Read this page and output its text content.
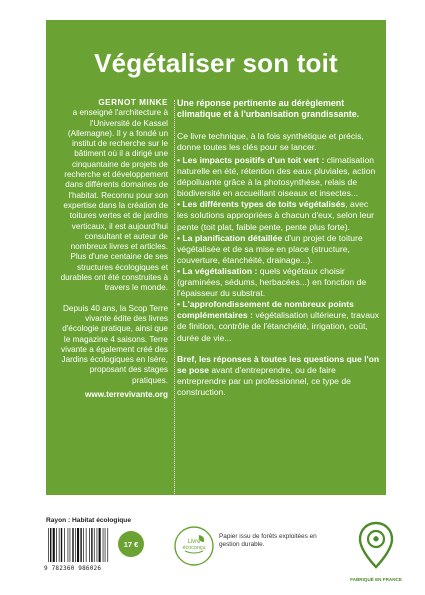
Végétaliser son toit

GERNOT MINKE
a enseigné l'architecture à l'Université de Kassel (Allemagne). Il y a fondé un institut de recherche sur le bâtiment où il a dirigé une cinquantaine de projets de recherche et développement dans différents domaines de l'habitat. Reconnu pour son expertise dans la création de toitures vertes et de jardins verticaux, il est aujourd'hui consultant et auteur de nombreux livres et articles. Plus d'une centaine de ses structures écologiques et durables ont été construites à travers le monde.

Depuis 40 ans, la Scop Terre vivante édite des livres d'écologie pratique, ainsi que le magazine 4 saisons. Terre vivante a également créé des Jardins écologiques en Isère, proposant des stages pratiques.

www.terrevivante.org

Une réponse pertinente au dérèglement climatique et à l'urbanisation grandissante.

Ce livre technique, à la fois synthétique et précis, donne toutes les clés pour se lancer.

• Les impacts positifs d'un toit vert : climatisation naturelle en été, rétention des eaux pluviales, action dépolluante grâce à la photosynthèse, relais de biodiversité en accueillant oiseaux et insectes...
• Les différents types de toits végétalisés, avec les solutions appropriées à chacun d'eux, selon leur pente (toit plat, faible pente, pente plus forte).
• La planification détaillée d'un projet de toiture végétalisée et de sa mise en place (structure, couverture, étanchéité, drainage...).
• La végétalisation : quels végétaux choisir (graminées, sédums, herbacées...) en fonction de l'épaisseur du substrat.
• L'approfondissement de nombreux points complémentaires : végétalisation ultérieure, travaux de finition, contrôle de l'étanchéité, irrigation, coût, durée de vie...

Bref, les réponses à toutes les questions que l'on se pose avant d'entreprendre, ou de faire entreprendre par un professionnel, ce type de construction.

Rayon : Habitat écologique
9 782360 986026
17 €	Livre
écoconçu
Papier issu de forêts exploitées en gestion durable.
FABRIQUÉ EN FRANCE
